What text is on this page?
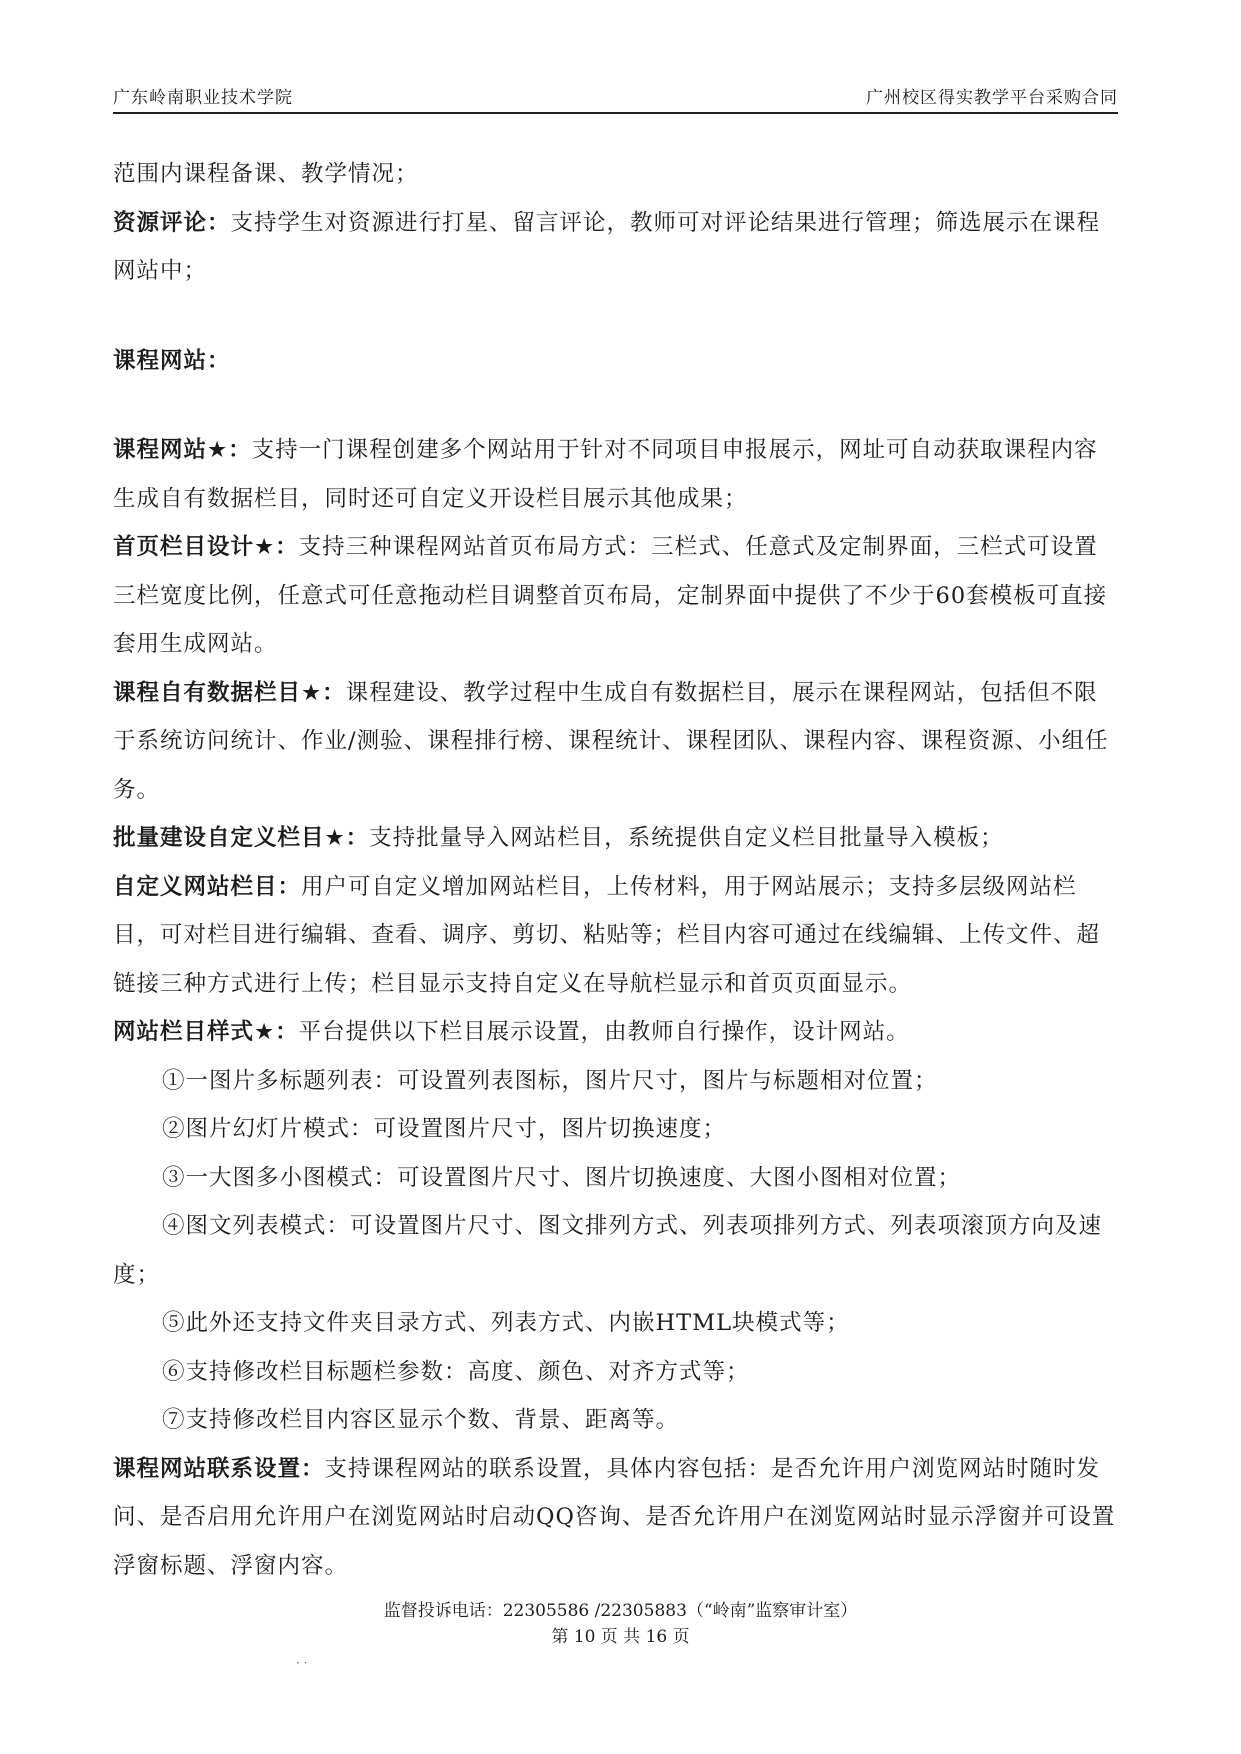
广东岭南职业技术学院	广州校区得实教学平台采购合同

范围内课程备课、教学情况；

资源评论：支持学生对资源进行打星、留言评论，教师可对评论结果进行管理；筛选展示在课程网站中；

课程网站：

课程网站★：支持一门课程创建多个网站用于针对不同项目申报展示，网址可自动获取课程内容生成自有数据栏目，同时还可自定义开设栏目展示其他成果；

首页栏目设计★：支持三种课程网站首页布局方式：三栏式、任意式及定制界面，三栏式可设置三栏宽度比例，任意式可任意拖动栏目调整首页布局，定制界面中提供了不少于60套模板可直接套用生成网站。

课程自有数据栏目★：课程建设、教学过程中生成自有数据栏目，展示在课程网站，包括但不限于系统访问统计、作业/测验、课程排行榜、课程统计、课程团队、课程内容、课程资源、小组任务。

批量建设自定义栏目★：支持批量导入网站栏目，系统提供自定义栏目批量导入模板；

自定义网站栏目：用户可自定义增加网站栏目，上传材料，用于网站展示；支持多层级网站栏目，可对栏目进行编辑、查看、调序、剪切、粘贴等；栏目内容可通过在线编辑、上传文件、超链接三种方式进行上传；栏目显示支持自定义在导航栏显示和首页页面显示。

网站栏目样式★：平台提供以下栏目展示设置，由教师自行操作，设计网站。

①一图片多标题列表：可设置列表图标，图片尺寸，图片与标题相对位置；

②图片幻灯片模式：可设置图片尺寸，图片切换速度；

③一大图多小图模式：可设置图片尺寸、图片切换速度、大图小图相对位置；

④图文列表模式：可设置图片尺寸、图文排列方式、列表项排列方式、列表项滚顶方向及速度；

⑤此外还支持文件夹目录方式、列表方式、内嵌HTML块模式等；

⑥支持修改栏目标题栏参数：高度、颜色、对齐方式等；

⑦支持修改栏目内容区显示个数、背景、距离等。

课程网站联系设置：支持课程网站的联系设置，具体内容包括：是否允许用户浏览网站时随时发问、是否启用允许用户在浏览网站时启动QQ咨询、是否允许用户在浏览网站时显示浮窗并可设置浮窗标题、浮窗内容。

监督投诉电话：22305586 /22305883（“岭南”监察审计室）
第 10 页 共 16 页
· ·
